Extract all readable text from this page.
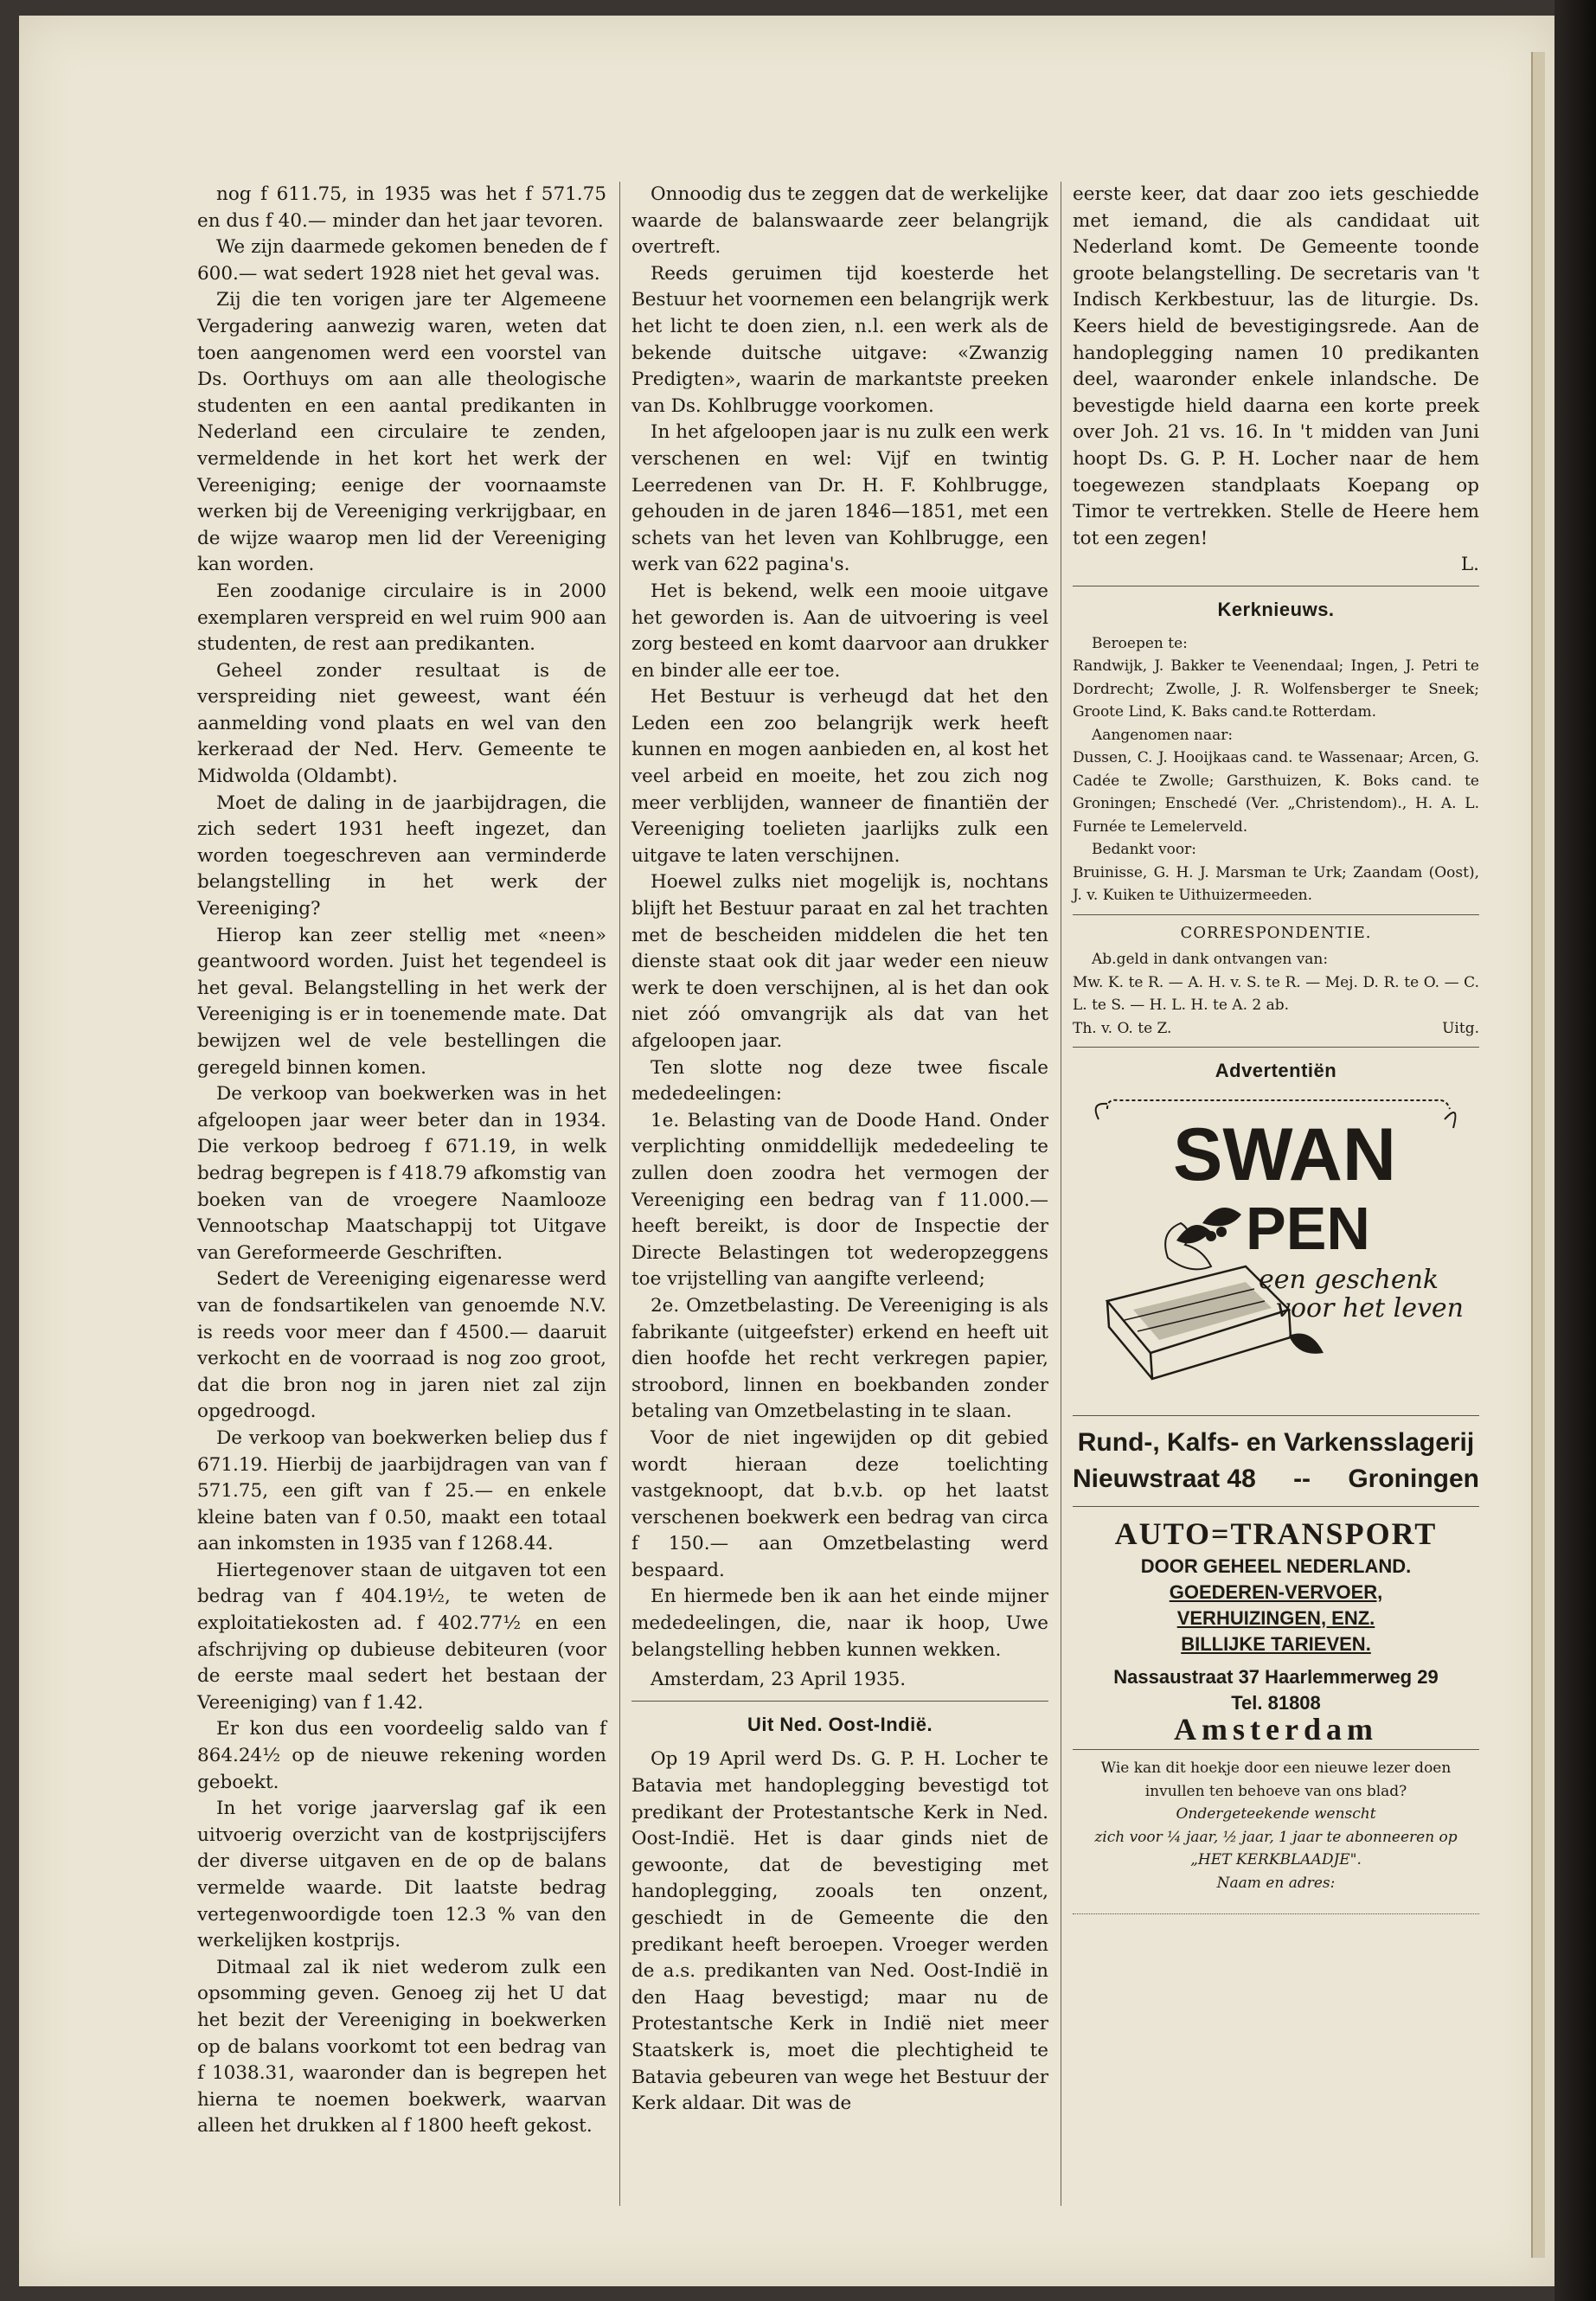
nog f 611.75, in 1935 was het f 571.75 en dus f 40.— minder dan het jaar tevoren.

We zijn daarmede gekomen beneden de f 600.— wat sedert 1928 niet het geval was.

Zij die ten vorigen jare ter Algemeene Vergadering aanwezig waren, weten dat toen aangenomen werd een voorstel van Ds. Oorthuys om aan alle theologische studenten en een aantal predikanten in Nederland een circulaire te zenden, vermeldende in het kort het werk der Vereeniging; eenige der voornaamste werken bij de Vereeniging verkrijgbaar, en de wijze waarop men lid der Vereeniging kan worden.

Een zoodanige circulaire is in 2000 exemplaren verspreid en wel ruim 900 aan studenten, de rest aan predikanten.

Geheel zonder resultaat is de verspreiding niet geweest, want één aanmelding vond plaats en wel van den kerkeraad der Ned. Herv. Gemeente te Midwolda (Oldambt).

Moet de daling in de jaarbijdragen, die zich sedert 1931 heeft ingezet, dan worden toegeschreven aan verminderde belangstelling in het werk der Vereeniging?

Hierop kan zeer stellig met «neen» geantwoord worden. Juist het tegendeel is het geval. Belangstelling in het werk der Vereeniging is er in toenemende mate. Dat bewijzen wel de vele bestellingen die geregeld binnen komen.

De verkoop van boekwerken was in het afgeloopen jaar weer beter dan in 1934. Die verkoop bedroeg f 671.19, in welk bedrag begrepen is f 418.79 afkomstig van boeken van de vroegere Naamlooze Vennootschap Maatschappij tot Uitgave van Gereformeerde Geschriften.

Sedert de Vereeniging eigenaresse werd van de fondsartikelen van genoemde N.V. is reeds voor meer dan f 4500.— daaruit verkocht en de voorraad is nog zoo groot, dat die bron nog in jaren niet zal zijn opgedroogd.

De verkoop van boekwerken beliep dus f 671.19. Hierbij de jaarbijdragen van van f 571.75, een gift van f 25.— en enkele kleine baten van f 0.50, maakt een totaal aan inkomsten in 1935 van f 1268.44.

Hiertegenover staan de uitgaven tot een bedrag van f 404.19½, te weten de exploitatiekosten ad. f 402.77½ en een afschrijving op dubieuse debiteuren (voor de eerste maal sedert het bestaan der Vereeniging) van f 1.42.

Er kon dus een voordeelig saldo van f 864.24½ op de nieuwe rekening worden geboekt.

In het vorige jaarverslag gaf ik een uitvoerig overzicht van de kostprijscijfers der diverse uitgaven en de op de balans vermelde waarde. Dit laatste bedrag vertegenwoordigde toen 12.3 % van den werkelijken kostprijs.

Ditmaal zal ik niet wederom zulk een opsomming geven. Genoeg zij het U dat het bezit der Vereeniging in boekwerken op de balans voorkomt tot een bedrag van f 1038.31, waaronder dan is begrepen het hierna te noemen boekwerk, waarvan alleen het drukken al f 1800 heeft gekost.

Onnoodig dus te zeggen dat de werkelijke waarde de balanswaarde zeer belangrijk overtreft.

Reeds geruimen tijd koesterde het Bestuur het voornemen een belangrijk werk het licht te doen zien, n.l. een werk als de bekende duitsche uitgave: «Zwanzig Predigten», waarin de markantste preeken van Ds. Kohlbrugge voorkomen.

In het afgeloopen jaar is nu zulk een werk verschenen en wel: Vijf en twintig Leerredenen van Dr. H. F. Kohlbrugge, gehouden in de jaren 1846—1851, met een schets van het leven van Kohlbrugge, een werk van 622 pagina's.

Het is bekend, welk een mooie uitgave het geworden is. Aan de uitvoering is veel zorg besteed en komt daarvoor aan drukker en binder alle eer toe.

Het Bestuur is verheugd dat het den Leden een zoo belangrijk werk heeft kunnen en mogen aanbieden en, al kost het veel arbeid en moeite, het zou zich nog meer verblijden, wanneer de finantiën der Vereeniging toelieten jaarlijks zulk een uitgave te laten verschijnen.

Hoewel zulks niet mogelijk is, nochtans blijft het Bestuur paraat en zal het trachten met de bescheiden middelen die het ten dienste staat ook dit jaar weder een nieuw werk te doen verschijnen, al is het dan ook niet zóó omvangrijk als dat van het afgeloopen jaar.

Ten slotte nog deze twee fiscale mededeelingen:

1e. Belasting van de Doode Hand. Onder verplichting onmiddellijk mededeeling te zullen doen zoodra het vermogen der Vereeniging een bedrag van f 11.000.— heeft bereikt, is door de Inspectie der Directe Belastingen tot wederopzeggens toe vrijstelling van aangifte verleend;

2e. Omzetbelasting. De Vereeniging is als fabrikante (uitgeefster) erkend en heeft uit dien hoofde het recht verkregen papier, stroobord, linnen en boekbanden zonder betaling van Omzetbelasting in te slaan.

Voor de niet ingewijden op dit gebied wordt hieraan deze toelichting vastgeknoopt, dat b.v.b. op het laatst verschenen boekwerk een bedrag van circa f 150.— aan Omzetbelasting werd bespaard.

En hiermede ben ik aan het einde mijner mededeelingen, die, naar ik hoop, Uwe belangstelling hebben kunnen wekken.

Amsterdam, 23 April 1935.

Uit Ned. Oost-Indië.

Op 19 April werd Ds. G. P. H. Locher te Batavia met handoplegging bevestigd tot predikant der Protestantsche Kerk in Ned. Oost-Indië. Het is daar ginds niet de gewoonte, dat de bevestiging met handoplegging, zooals ten onzent, geschiedt in de Gemeente die den predikant heeft beroepen. Vroeger werden de a.s. predikanten van Ned. Oost-Indië in den Haag bevestigd; maar nu de Protestantsche Kerk in Indië niet meer Staatskerk is, moet die plechtigheid te Batavia gebeuren van wege het Bestuur der Kerk aldaar. Dit was de

eerste keer, dat daar zoo iets geschiedde met iemand, die als candidaat uit Nederland komt. De Gemeente toonde groote belangstelling. De secretaris van 't Indisch Kerkbestuur, las de liturgie. Ds. Keers hield de bevestigingsrede. Aan de handoplegging namen 10 predikanten deel, waaronder enkele inlandsche. De bevestigde hield daarna een korte preek over Joh. 21 vs. 16. In 't midden van Juni hoopt Ds. G. P. H. Locher naar de hem toegewezen standplaats Koepang op Timor te vertrekken. Stelle de Heere hem tot een zegen!

L.
Kerknieuws.
Beroepen te:
Randwijk, J. Bakker te Veenendaal; Ingen, J. Petri te Dordrecht; Zwolle, J. R. Wolfensberger te Sneek; Groote Lind, K. Baks cand.te Rotterdam.
Aangenomen naar:
Dussen, C. J. Hooijkaas cand. te Wassenaar; Arcen, G. Cadée te Zwolle; Garsthuizen, K. Boks cand. te Groningen; Enschedé (Ver. „Christendom)., H. A. L. Furnée te Lemelerveld.
Bedankt voor:
Bruinisse, G. H. J. Marsman te Urk; Zaandam (Oost), J. v. Kuiken te Uithuizermeeden.
CORRESPONDENTIE.
Ab.geld in dank ontvangen van:
Mw. K. te R. — A. H. v. S. te R. — Mej. D. R. te O. — C. L. te S. — H. L. H. te A. 2 ab.
Th. v. O. te Z.	Uitg.
Advertentiën
SWAN
PEN
een geschenk
voor het leven
Rund-, Kalfs- en Varkensslagerij
Nieuwstraat 48 -- Groningen
AUTO=TRANSPORT
DOOR GEHEEL NEDERLAND.
GOEDEREN-VERVOER,
VERHUIZINGEN, ENZ.
BILLIJKE TARIEVEN.
Nassaustraat 37 Haarlemmerweg 29
Tel. 81808
Amsterdam
Wie kan dit hoekje door een nieuwe lezer doen invullen ten behoeve van ons blad?
Ondergeteekende wenscht
zich voor ¼ jaar, ½ jaar, 1 jaar te abonneeren op „HET KERKBLAADJE".
Naam en adres:
